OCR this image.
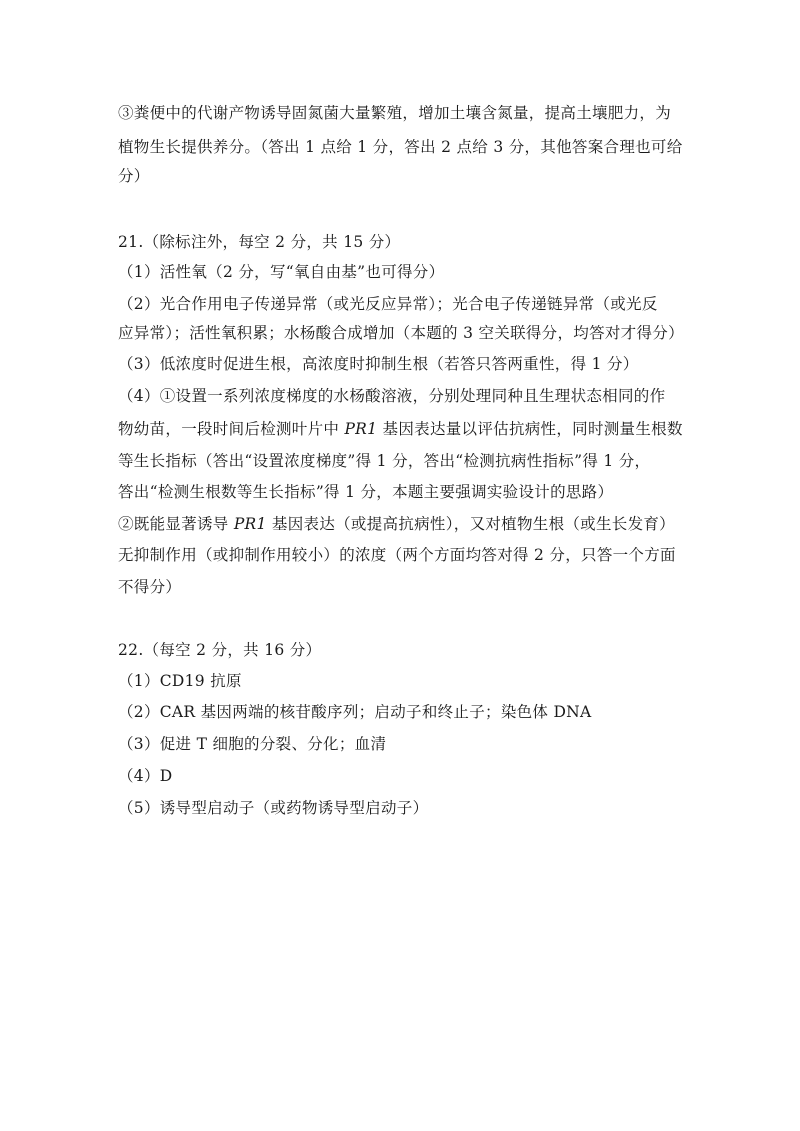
③粪便中的代谢产物诱导固氮菌大量繁殖，增加土壤含氮量，提高土壤肥力，为
植物生长提供养分。（答出 1 点给 1 分，答出 2 点给 3 分，其他答案合理也可给
分）
21.（除标注外，每空 2 分，共 15 分）
（1）活性氧（2 分，写“氧自由基”也可得分）
（2）光合作用电子传递异常（或光反应异常）；光合电子传递链异常（或光反
应异常）；活性氧积累；水杨酸合成增加（本题的 3 空关联得分，均答对才得分）
（3）低浓度时促进生根，高浓度时抑制生根（若答只答两重性，得 1 分）
（4）①设置一系列浓度梯度的水杨酸溶液，分别处理同种且生理状态相同的作
物幼苗，一段时间后检测叶片中 PR1 基因表达量以评估抗病性，同时测量生根数
等生长指标（答出“设置浓度梯度”得 1 分，答出“检测抗病性指标”得 1 分，
答出“检测生根数等生长指标”得 1 分，本题主要强调实验设计的思路）
②既能显著诱导 PR1 基因表达（或提高抗病性），又对植物生根（或生长发育）
无抑制作用（或抑制作用较小）的浓度（两个方面均答对得 2 分，只答一个方面
不得分）
22.（每空 2 分，共 16 分）
（1）CD19 抗原
（2）CAR 基因两端的核苷酸序列；启动子和终止子；染色体 DNA
（3）促进 T 细胞的分裂、分化；血清
（4）D
（5）诱导型启动子（或药物诱导型启动子）
